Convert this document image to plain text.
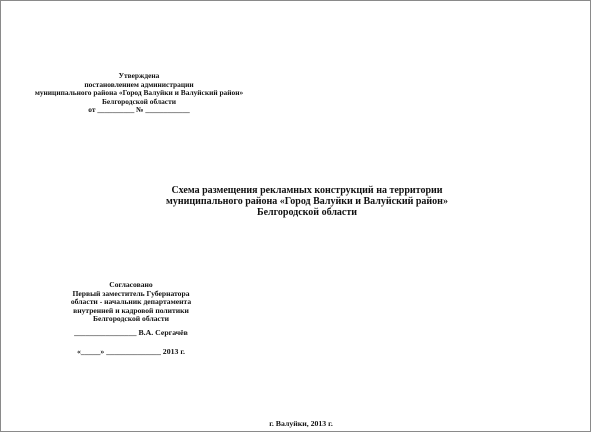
Утверждена
постановлением администрации
муниципального района «Город Валуйки и Валуйский район»
Белгородской области
от __________ № ____________
Схема размещения рекламных конструкций на территории
муниципального района «Город Валуйки и Валуйский район»
Белгородской области
Согласовано
Первый заместитель Губернатора
области - начальник департамента
внутренней и кадровой политики
Белгородской области
________________ В.А. Сергачёв
«_____» ______________ 2013 г.
г. Валуйки, 2013 г.
